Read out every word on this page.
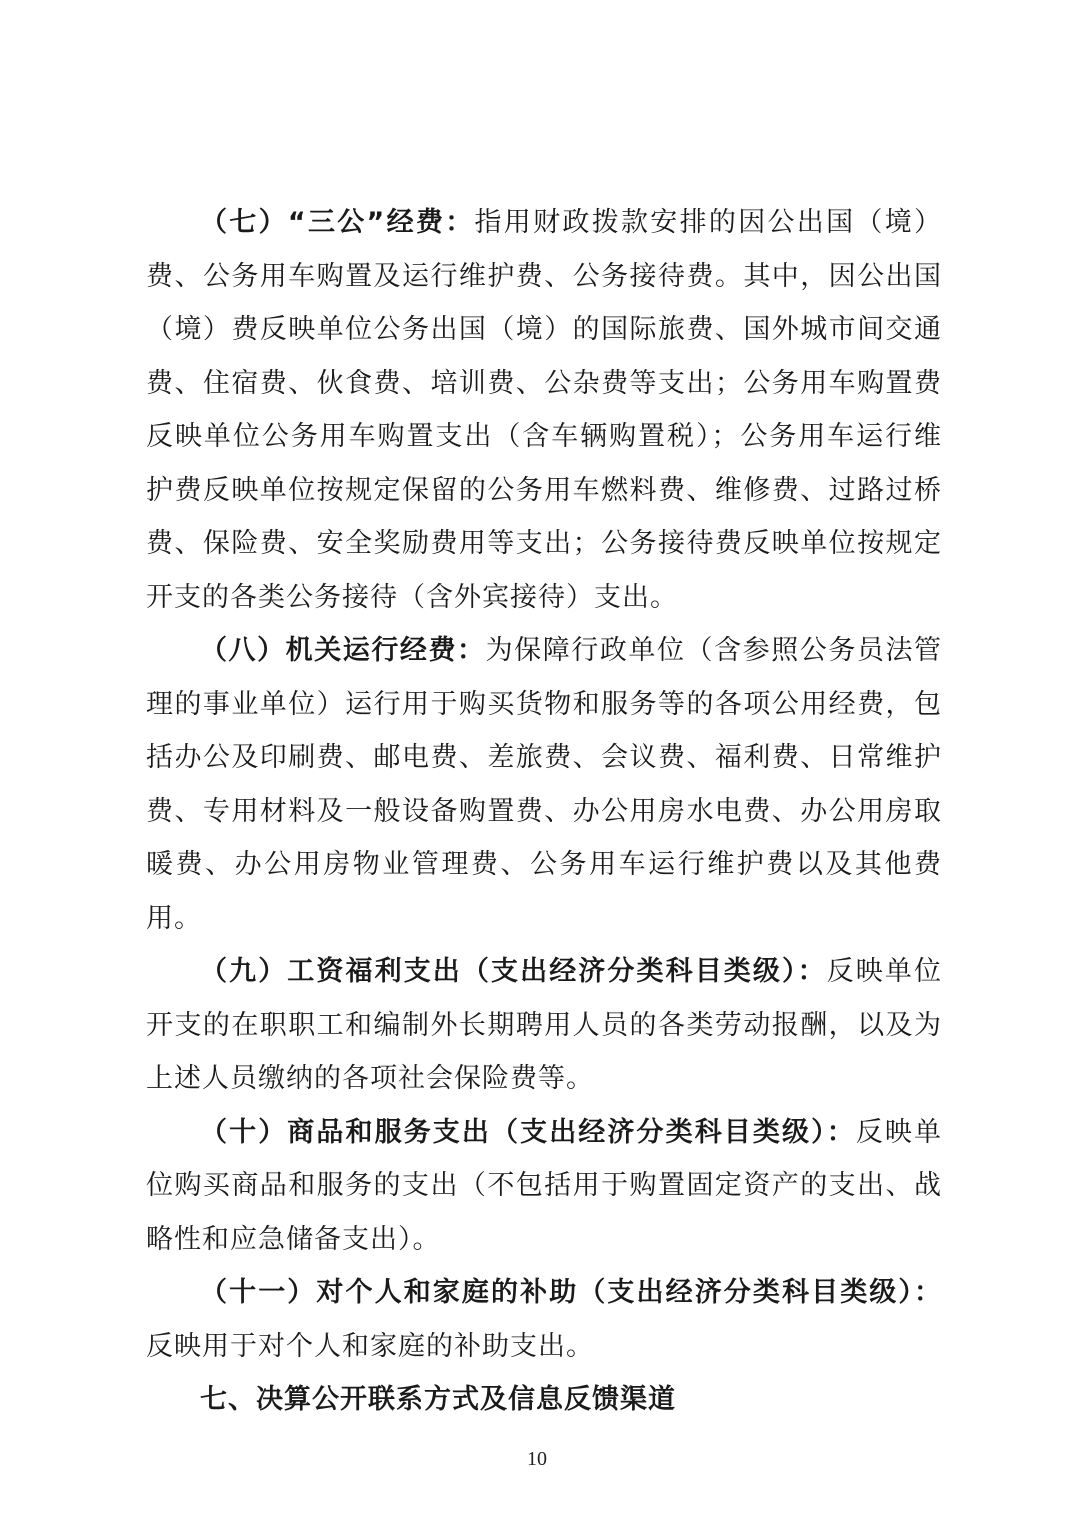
（七）“三公”经费：指用财政拨款安排的因公出国（境）费、公务用车购置及运行维护费、公务接待费。其中，因公出国（境）费反映单位公务出国（境）的国际旅费、国外城市间交通费、住宿费、伙食费、培训费、公杂费等支出；公务用车购置费反映单位公务用车购置支出（含车辆购置税）；公务用车运行维护费反映单位按规定保留的公务用车燃料费、维修费、过路过桥费、保险费、安全奖励费用等支出；公务接待费反映单位按规定开支的各类公务接待（含外宾接待）支出。

（八）机关运行经费：为保障行政单位（含参照公务员法管理的事业单位）运行用于购买货物和服务等的各项公用经费，包括办公及印刷费、邮电费、差旅费、会议费、福利费、日常维护费、专用材料及一般设备购置费、办公用房水电费、办公用房取暖费、办公用房物业管理费、公务用车运行维护费以及其他费用。

（九）工资福利支出（支出经济分类科目类级）：反映单位开支的在职职工和编制外长期聘用人员的各类劳动报酬，以及为上述人员缴纳的各项社会保险费等。

（十）商品和服务支出（支出经济分类科目类级）：反映单位购买商品和服务的支出（不包括用于购置固定资产的支出、战略性和应急储备支出）。

（十一）对个人和家庭的补助（支出经济分类科目类级）：反映用于对个人和家庭的补助支出。

七、决算公开联系方式及信息反馈渠道
10
